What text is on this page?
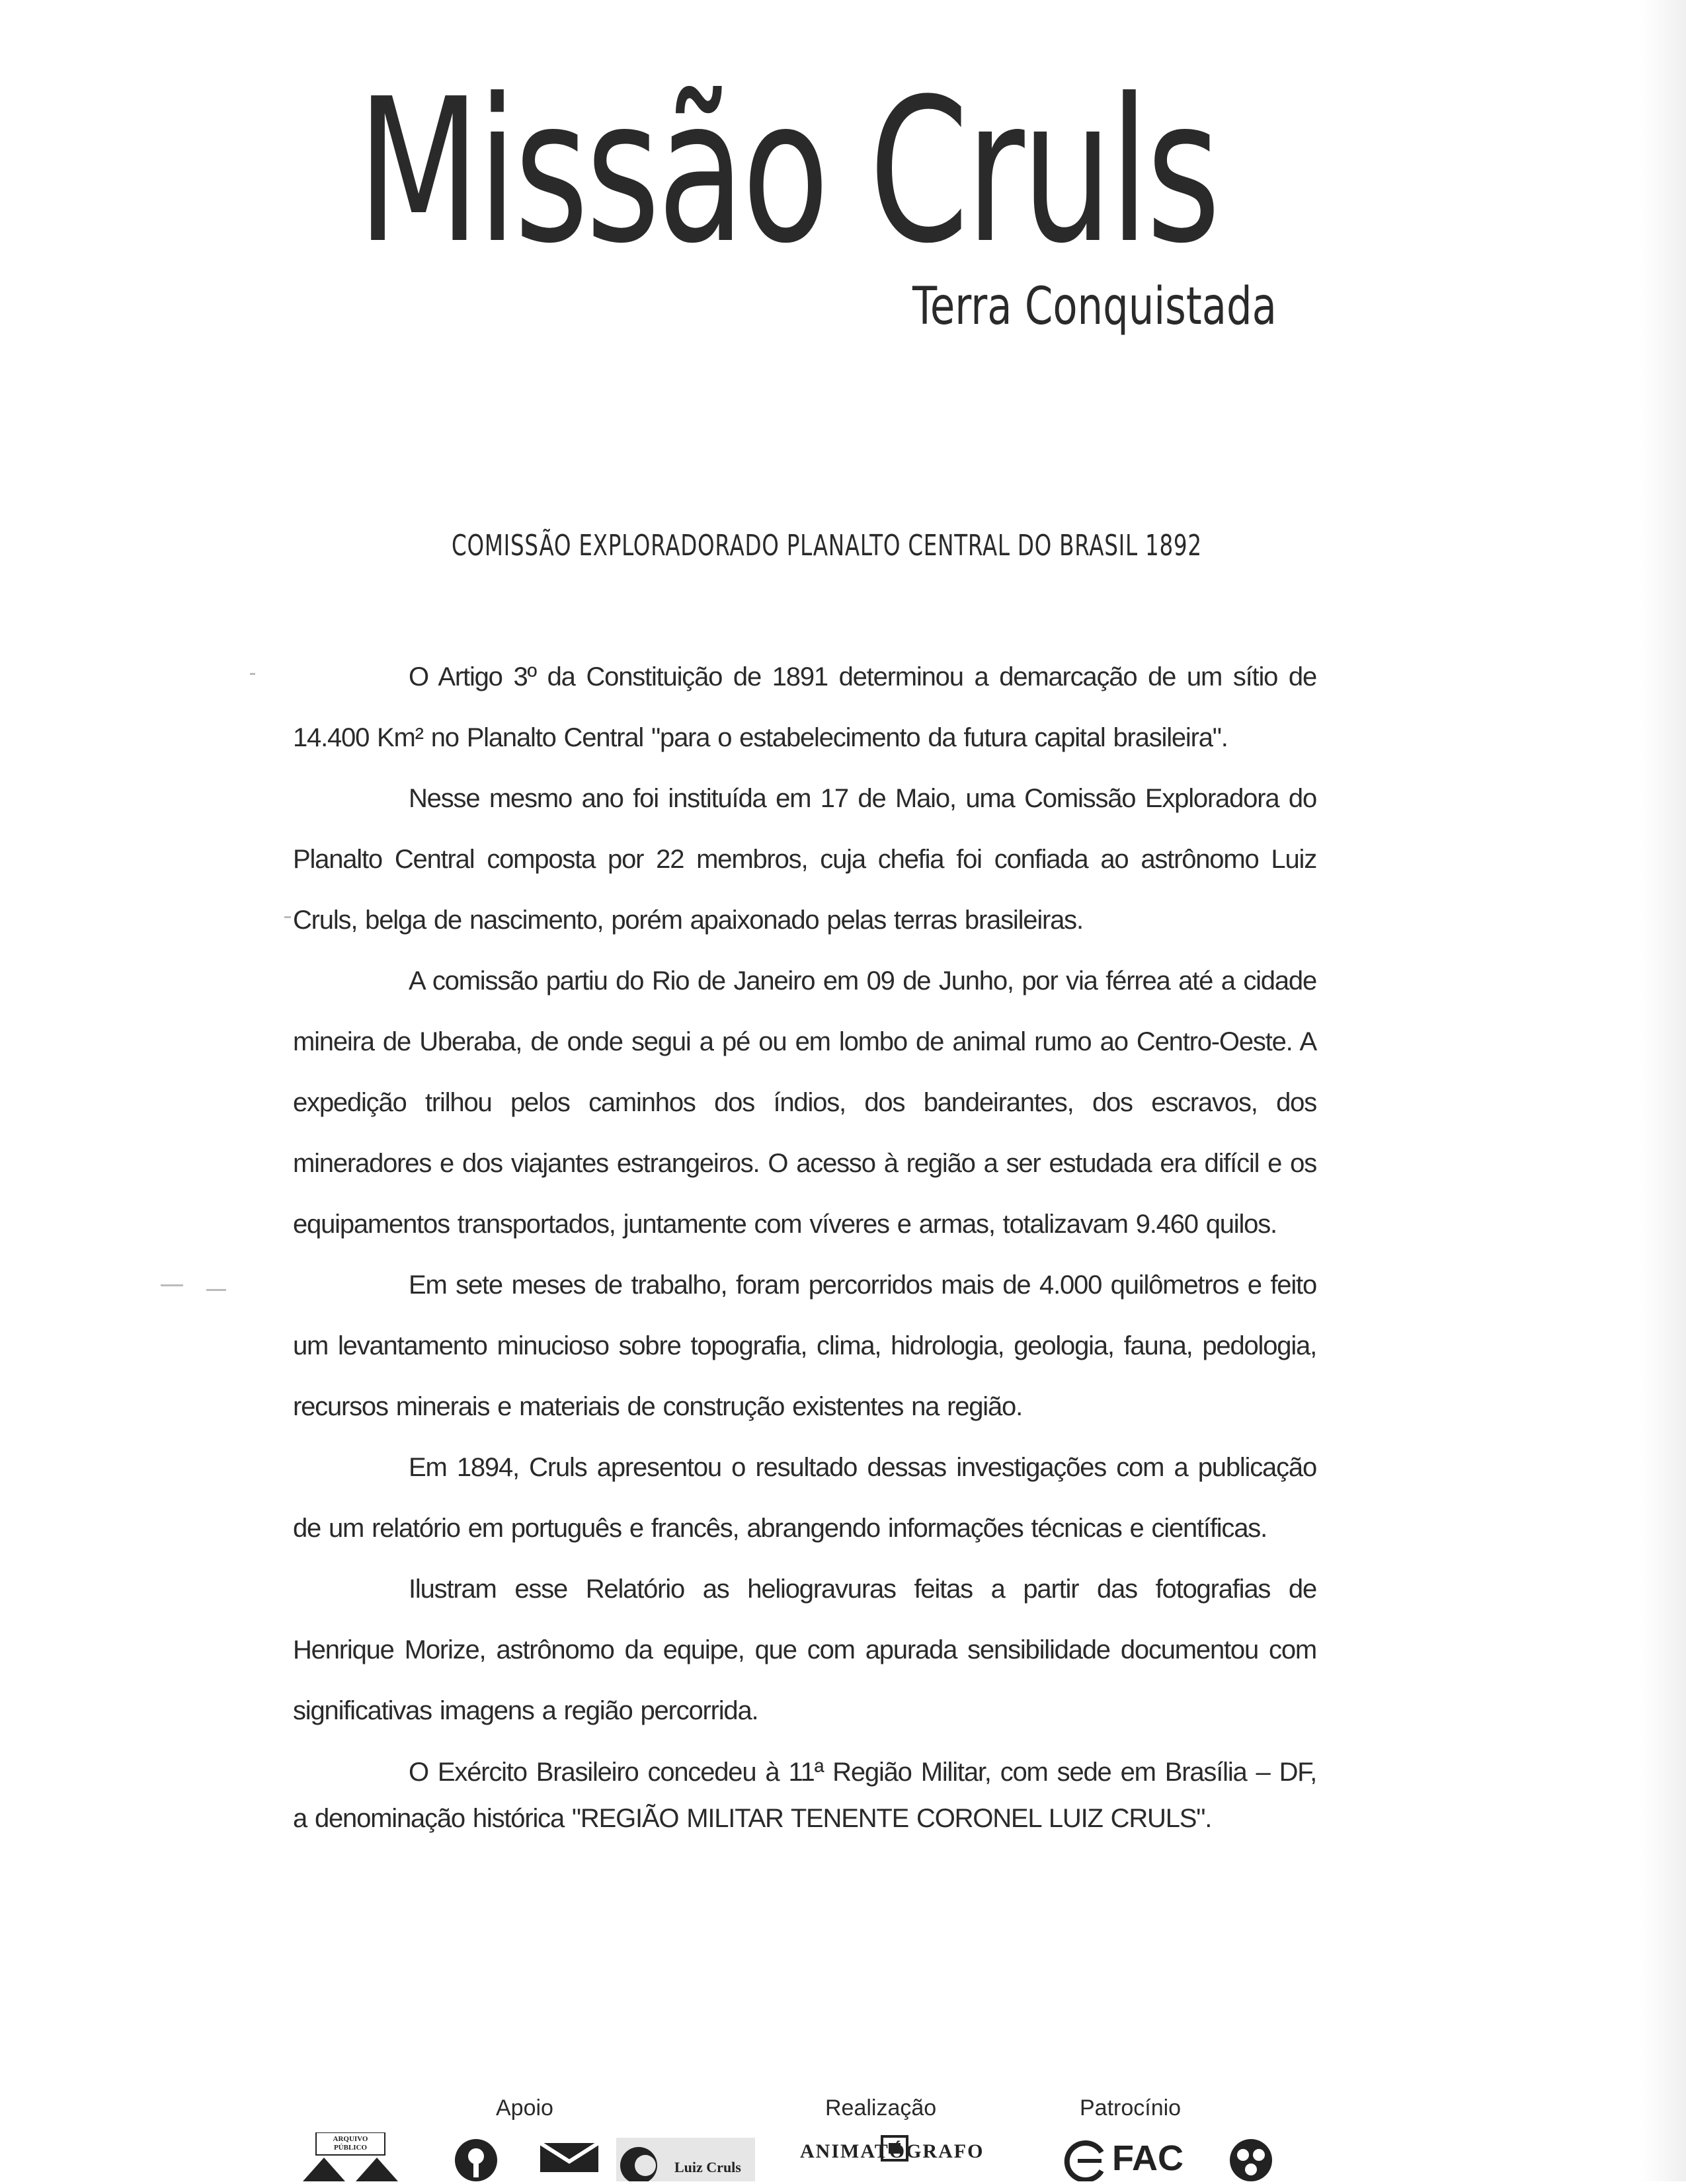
Missão Cruls
Terra Conquistada
COMISSÃO EXPLORADORADO PLANALTO CENTRAL DO BRASIL 1892

O Artigo 3º da Constituição de 1891 determinou a demarcação de um sítio de 14.400 Km² no Planalto Central "para o estabelecimento da futura capital brasileira".

Nesse mesmo ano foi instituída em 17 de Maio, uma Comissão Exploradora do Planalto Central composta por 22 membros, cuja chefia foi confiada ao astrônomo Luiz Cruls, belga de nascimento, porém apaixonado pelas terras brasileiras.

A comissão partiu do Rio de Janeiro em 09 de Junho, por via férrea até a cidade mineira de Uberaba, de onde segui a pé ou em lombo de animal rumo ao Centro-Oeste. A expedição trilhou pelos caminhos dos índios, dos bandeirantes, dos escravos, dos mineradores e dos viajantes estrangeiros. O acesso à região a ser estudada era difícil e os equipamentos transportados, juntamente com víveres e armas, totalizavam 9.460 quilos.

Em sete meses de trabalho, foram percorridos mais de 4.000 quilômetros e feito um levantamento minucioso sobre topografia, clima, hidrologia, geologia, fauna, pedologia, recursos minerais e materiais de construção existentes na região.

Em 1894, Cruls apresentou o resultado dessas investigações com a publicação de um relatório em português e francês, abrangendo informações técnicas e científicas.

Ilustram esse Relatório as heliogravuras feitas a partir das fotografias de Henrique Morize, astrônomo da equipe, que com apurada sensibilidade documentou com significativas imagens a região percorrida.

O Exército Brasileiro concedeu à 11ª Região Militar, com sede em Brasília – DF, a denominação histórica "REGIÃO MILITAR TENENTE CORONEL LUIZ CRULS".

Apoio	Realização	Patrocínio
ARQUIVO PÚBLICO
Luiz Cruls
ANIMATÓGRAFO	FAC
